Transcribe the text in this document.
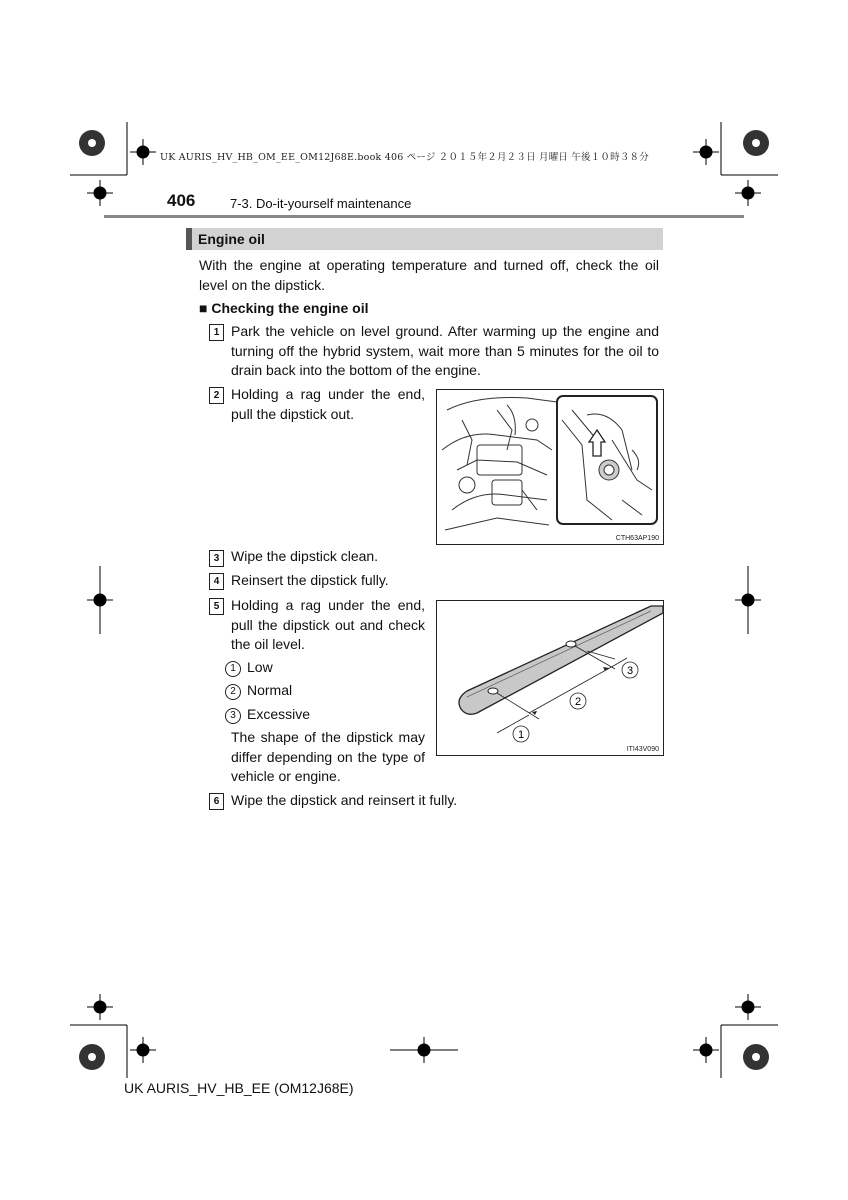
UK AURIS_HV_HB_OM_EE_OM12J68E.book 406 ページ ２０１５年２月２３日 月曜日 午後１０時３８分
406	7-3. Do-it-yourself maintenance
Engine oil
With the engine at operating temperature and turned off, check the oil level on the dipstick.
■ Checking the engine oil
1 Park the vehicle on level ground. After warming up the engine and turning off the hybrid system, wait more than 5 minutes for the oil to drain back into the bottom of the engine.
2 Holding a rag under the end, pull the dipstick out.
CTH63AP190
3 Wipe the dipstick clean.
4 Reinsert the dipstick fully.
5 Holding a rag under the end, pull the dipstick out and check the oil level.
1 Low
2 Normal
3 Excessive
The shape of the dipstick may differ depending on the type of vehicle or engine.
1
2
3
ITI43V090
6 Wipe the dipstick and reinsert it fully.
UK AURIS_HV_HB_EE (OM12J68E)
